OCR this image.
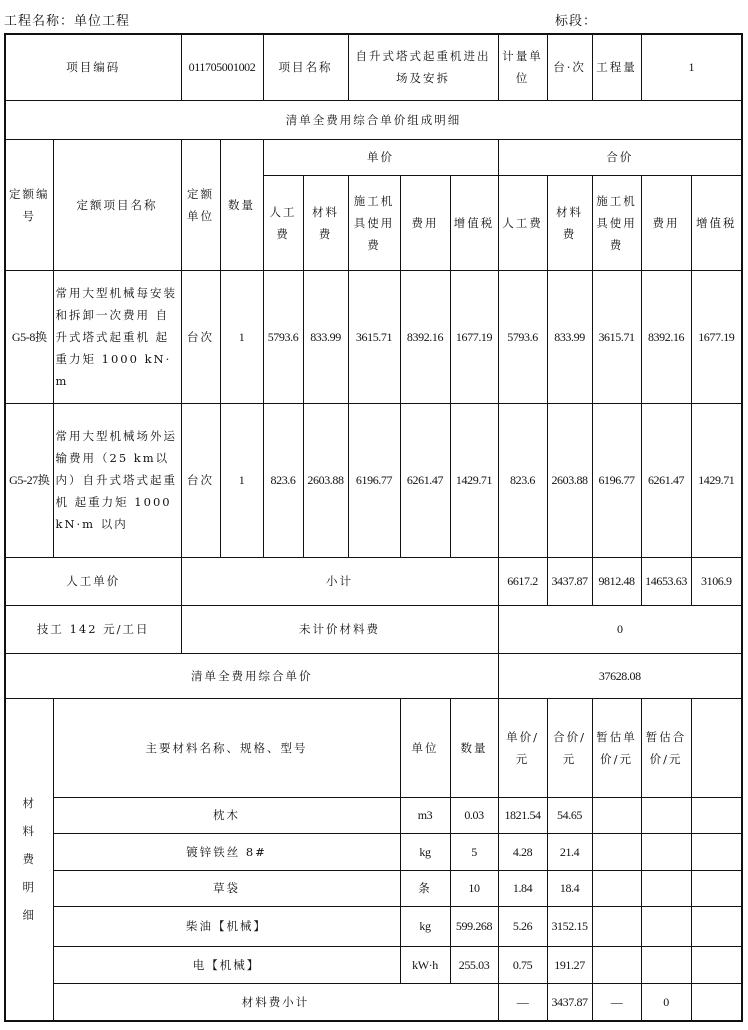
工程名称：单位工程	标段：
项目编码		011705001002		项目名称		自升式塔式起重机进出场及安拆			计量单位	台·次	工程量	1	
清单全费用综合单价组成明细													
定额编号	定额项目名称	定额单位	数量	单价					合价				
				人工费	材料费	施工机具使用费	费用	增值税	人工费	材料费	施工机具使用费	费用	增值税
G5-8换	常用大型机械每安装和拆卸一次费用 自升式塔式起重机 起重力矩 1000 kN·m	台次	1	5793.6	833.99	3615.71	8392.16	1677.19	5793.6	833.99	3615.71	8392.16	1677.19
G5-27换	常用大型机械场外运输费用（25 km以内）自升式塔式起重机 起重力矩 1000 kN·m 以内	台次	1	823.6	2603.88	6196.77	6261.47	1429.71	823.6	2603.88	6196.77	6261.47	1429.71
人工单价		小计							6617.2	3437.87	9812.48	14653.63	3106.9
技工 142 元/工日		未计价材料费							0				
清单全费用综合单价									37628.08				
材料费明细	主要材料名称、规格、型号						单位	数量	单价/元	合价/元	暂估单价/元	暂估合价/元	
	枕木						m3	0.03	1821.54	54.65			
	镀锌铁丝 8#						kg	5	4.28	21.4			
	草袋						条	10	1.84	18.4			
	柴油【机械】						kg	599.268	5.26	3152.15			
	电【机械】						kW·h	255.03	0.75	191.27			
	材料费小计								—	3437.87	—	0	
